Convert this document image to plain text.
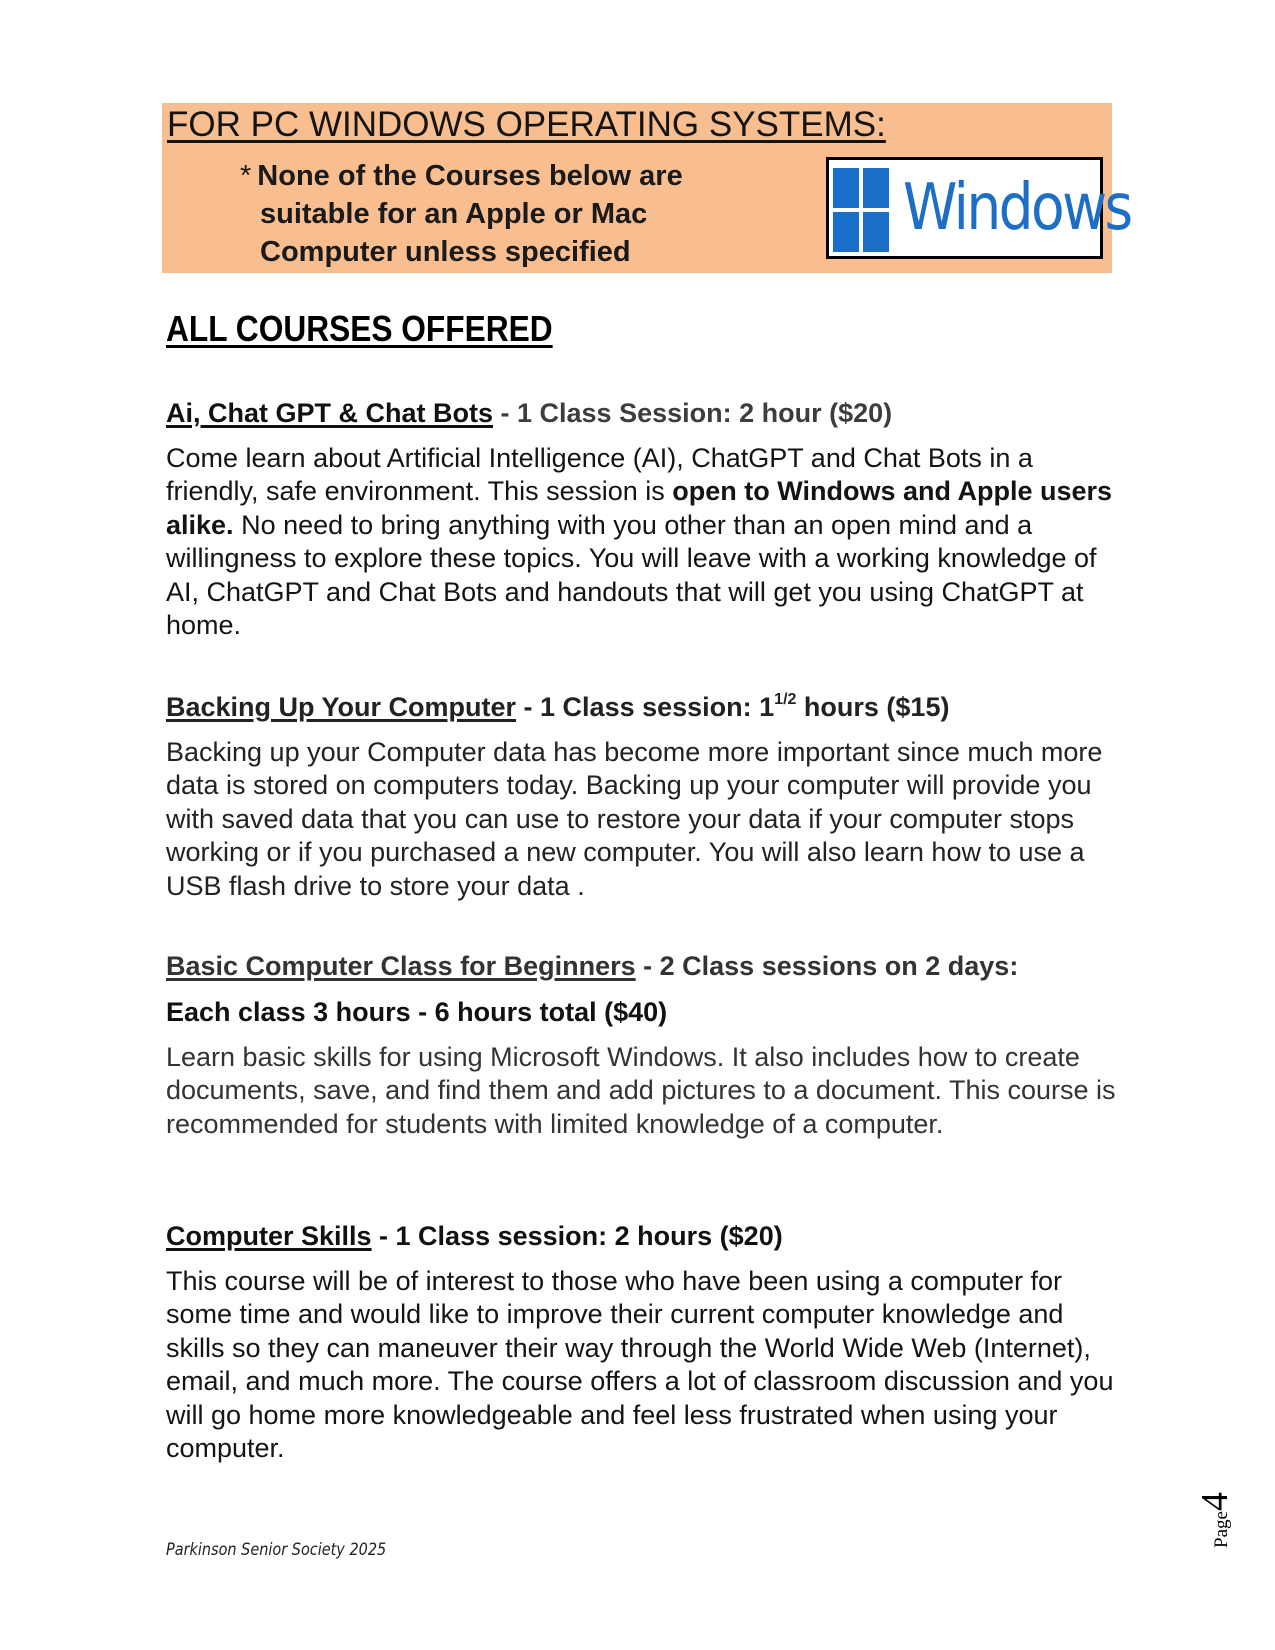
FOR PC WINDOWS OPERATING SYSTEMS:
* None of the Courses below are
suitable for an Apple or Mac
Computer unless specified
Windows
ALL COURSES OFFERED
Ai, Chat GPT & Chat Bots - 1 Class Session: 2 hour ($20)
Come learn about Artificial Intelligence (AI), ChatGPT and Chat Bots in a friendly, safe environment. This session is open to Windows and Apple users alike. No need to bring anything with you other than an open mind and a willingness to explore these topics. You will leave with a working knowledge of AI, ChatGPT and Chat Bots and handouts that will get you using ChatGPT at home.
Backing Up Your Computer - 1 Class session: $1^{1/2}$ hours ($15)
Backing up your Computer data has become more important since much more data is stored on computers today. Backing up your computer will provide you with saved data that you can use to restore your data if your computer stops working or if you purchased a new computer. You will also learn how to use a USB flash drive to store your data .
Basic Computer Class for Beginners - 2 Class sessions on 2 days:
Each class 3 hours - 6 hours total ($40)
Learn basic skills for using Microsoft Windows. It also includes how to create documents, save, and find them and add pictures to a document. This course is recommended for students with limited knowledge of a computer.
Computer Skills - 1 Class session: 2 hours ($20)
This course will be of interest to those who have been using a computer for some time and would like to improve their current computer knowledge and skills so they can maneuver their way through the World Wide Web (Internet), email, and much more. The course offers a lot of classroom discussion and you will go home more knowledgeable and feel less frustrated when using your computer.
Parkinson Senior Society 2025
Page4
